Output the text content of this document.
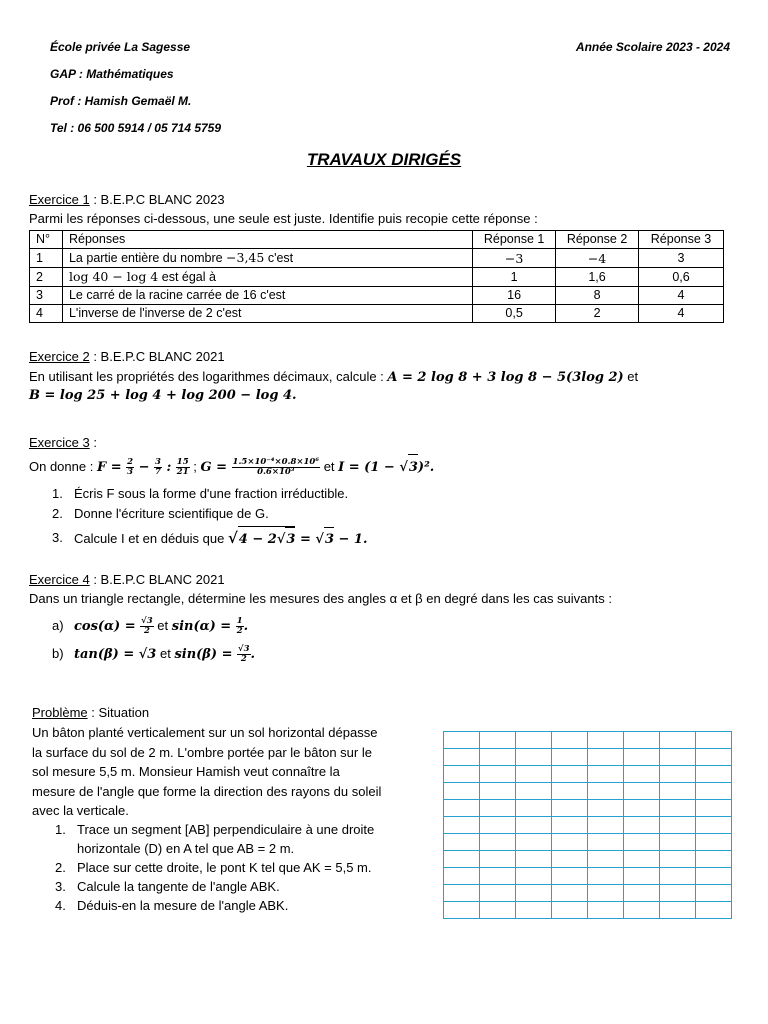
École privée La Sagesse
GAP : Mathématiques
Prof : Hamish Gemaël M.
Tel : 06 500 5914 / 05 714 5759
Année Scolaire 2023 - 2024
TRAVAUX DIRIGÉS
Exercice 1 : B.E.P.C BLANC 2023
Parmi les réponses ci-dessous, une seule est juste. Identifie puis recopie cette réponse :
N°	Réponses	Réponse 1	Réponse 2	Réponse 3
1	La partie entière du nombre −3,45 c'est	−3	−4	3
2	log 40 − log 4 est égal à	1	1,6	0,6
3	Le carré de la racine carrée de 16 c'est	16	8	4
4	L'inverse de l'inverse de 2 c'est	0,5	2	4
Exercice 2 : B.E.P.C BLANC 2021
En utilisant les propriétés des logarithmes décimaux, calcule : A = 2 log 8 + 3 log 8 − 5(3log 2) et
B = log 25 + log 4 + log 200 − log 4.
Exercice 3 :
On donne : $F = \frac{2}{3} - \frac{3}{7}$ : $\frac{15}{21}$ ; $G = \frac{\text{1.5×10⁻⁴×0.8×10⁶}}{\text{0.6×10³}}$ et I = (1 − √3)².
1. Écris F sous la forme d'une fraction irréductible.
2. Donne l'écriture scientifique de G.
3. Calcule I et en déduis que √4 − 2√3 = √3 − 1.
Exercice 4 : B.E.P.C BLANC 2021
Dans un triangle rectangle, détermine les mesures des angles α et β en degré dans les cas suivants :
a) $\cos(\alpha) = \frac{√3}{2}$ et $\sin(\alpha) = \frac{1}{2}$ .
b) tan(β) = √3 et $\sin(\beta) = \frac{√3}{2}$ .
Problème : Situation
Un bâton planté verticalement sur un sol horizontal dépasse
la surface du sol de 2 m. L'ombre portée par le bâton sur le
sol mesure 5,5 m. Monsieur Hamish veut connaître la
mesure de l'angle que forme la direction des rayons du soleil
avec la verticale.
1. Trace un segment [AB] perpendiculaire à une droite
horizontale (D) en A tel que AB = 2 m.
2. Place sur cette droite, le pont K tel que AK = 5,5 m.
3. Calcule la tangente de l'angle ABK.
4. Déduis-en la mesure de l'angle ABK.
